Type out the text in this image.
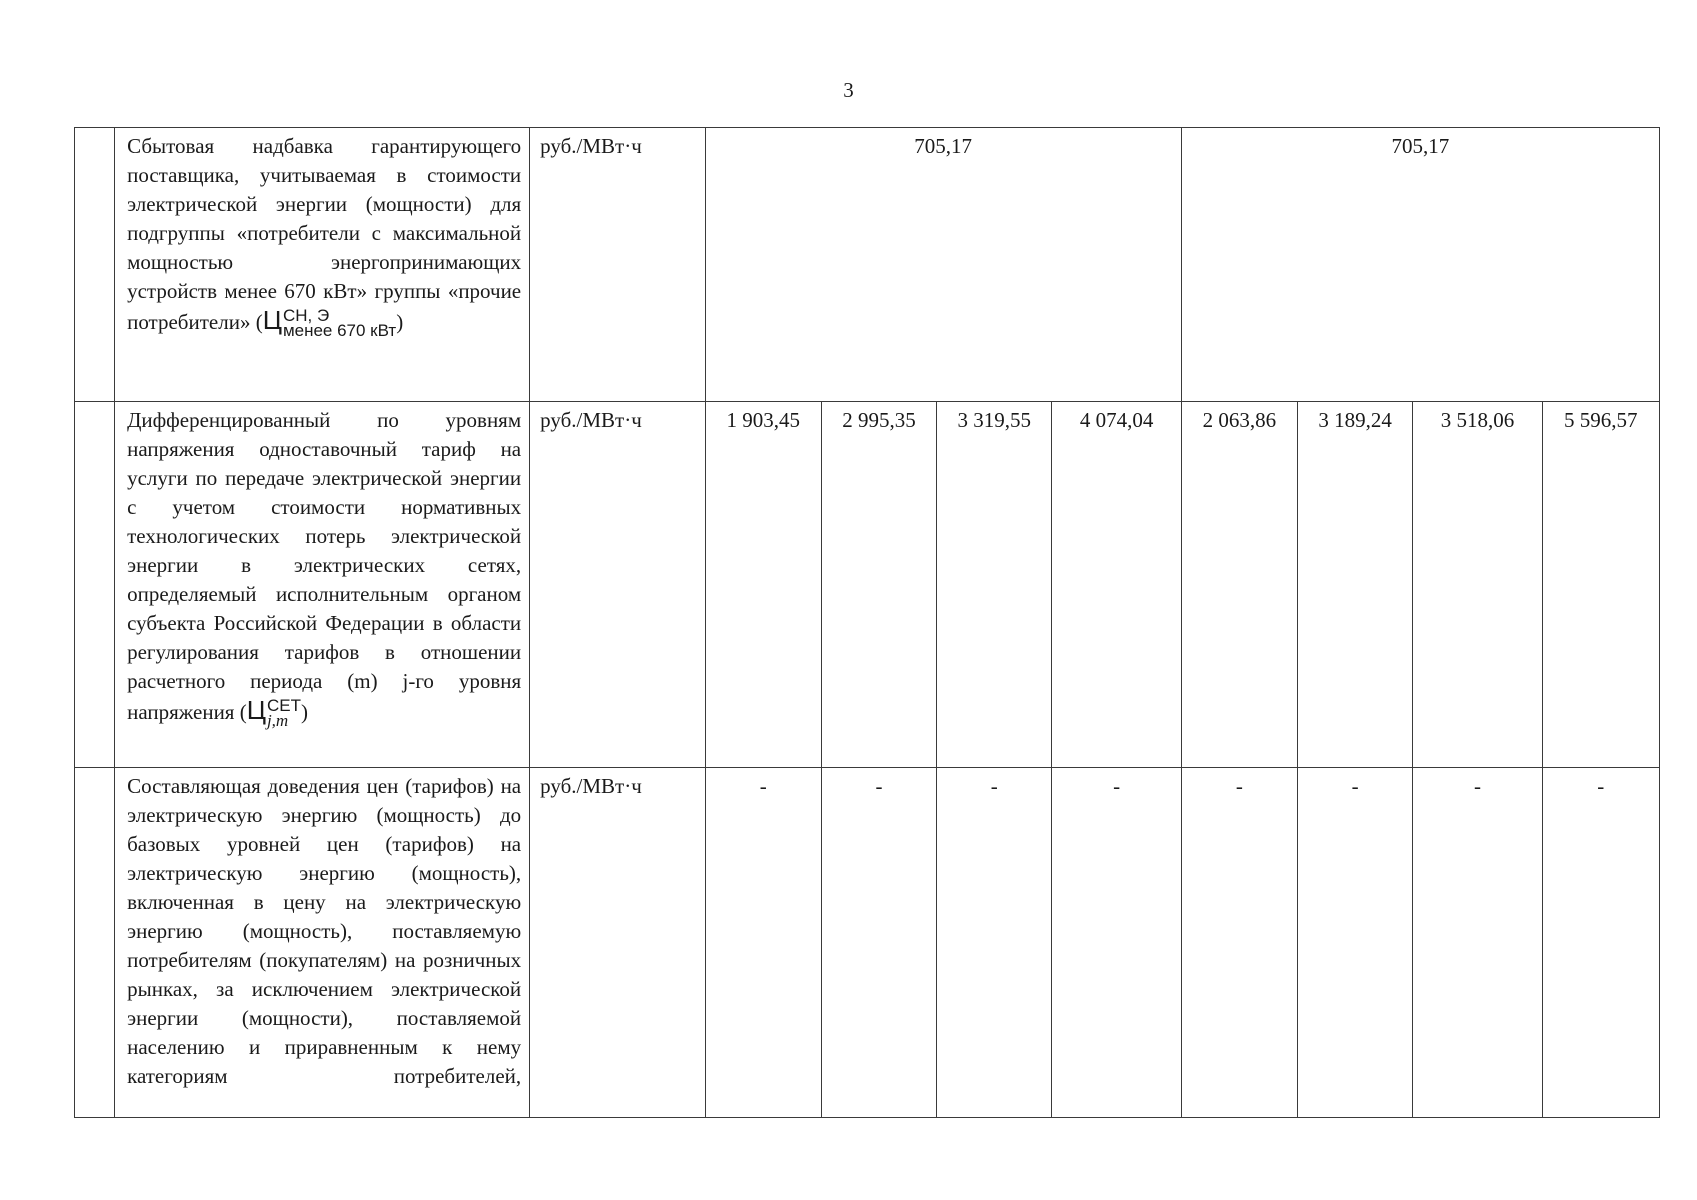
3

	Сбытовая надбавка гарантирующего поставщика, учитываемая в стоимости электрической энергии (мощности) для подгруппы «потребители с максимальной мощностью энергопринимающих устройств менее 670 кВт» группы «прочие
потребители» (Ц СН, Э
менее 670 кВт )	руб./МВт·ч	705,17				705,17			

	Дифференцированный по уровням напряжения одноставочный тариф на услуги по передаче электрической энергии с учетом стоимости нормативных технологических потерь электрической энергии в электрических сетях, определяемый исполнительным органом субъекта Российской Федерации в области регулирования тарифов в отношении расчетного периода (m) j-го уровня
напряжения (Ц СЕТ
j,m )	руб./МВт·ч	1 903,45	2 995,35	3 319,55	4 074,04	2 063,86	3 189,24	3 518,06	5 596,57

	Составляющая доведения цен (тарифов) на электрическую энергию (мощность) до базовых уровней цен (тарифов) на электрическую энергию (мощность), включенная в цену на электрическую энергию (мощность), поставляемую потребителям (покупателям) на розничных рынках, за исключением электрической энергии (мощности), поставляемой населению и приравненным к нему категориям потребителей,	руб./МВт·ч	-	-	-	-	-	-	-	-
